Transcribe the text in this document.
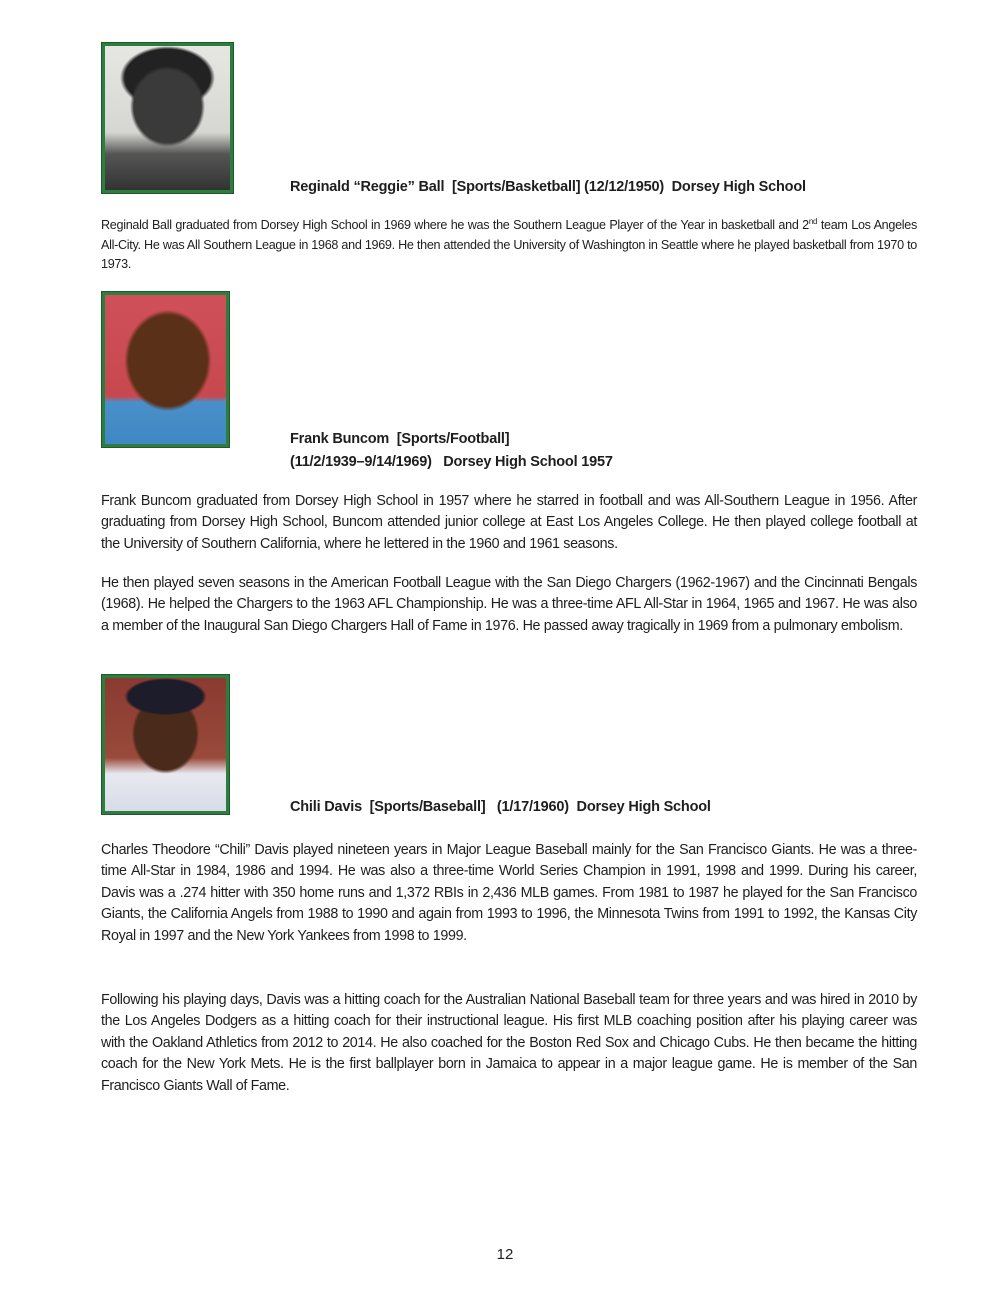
Reginald “Reggie” Ball  [Sports/Basketball] (12/12/1950)  Dorsey High School

Reginald Ball graduated from Dorsey High School in 1969 where he was the Southern League Player of the Year in basketball and 2nd team Los Angeles All-City. He was All Southern League in 1968 and 1969. He then attended the University of Washington in Seattle where he played basketball from 1970 to 1973.

Frank Buncom  [Sports/Football]
(11/2/1939–9/14/1969)   Dorsey High School 1957

Frank Buncom graduated from Dorsey High School in 1957 where he starred in football and was All-Southern League in 1956. After graduating from Dorsey High School, Buncom attended junior college at East Los Angeles College. He then played college football at the University of Southern California, where he lettered in the 1960 and 1961 seasons.

He then played seven seasons in the American Football League with the San Diego Chargers (1962-1967) and the Cincinnati Bengals (1968). He helped the Chargers to the 1963 AFL Championship. He was a three-time AFL All-Star in 1964, 1965 and 1967. He was also a member of the Inaugural San Diego Chargers Hall of Fame in 1976. He passed away tragically in 1969 from a pulmonary embolism.

Chili Davis  [Sports/Baseball]   (1/17/1960)  Dorsey High School

Charles Theodore “Chili” Davis played nineteen years in Major League Baseball mainly for the San Francisco Giants. He was a three-time All-Star in 1984, 1986 and 1994. He was also a three-time World Series Champion in 1991, 1998 and 1999. During his career, Davis was a .274 hitter with 350 home runs and 1,372 RBIs in 2,436 MLB games. From 1981 to 1987 he played for the San Francisco Giants, the California Angels from 1988 to 1990 and again from 1993 to 1996, the Minnesota Twins from 1991 to 1992, the Kansas City Royal in 1997 and the New York Yankees from 1998 to 1999.

Following his playing days, Davis was a hitting coach for the Australian National Baseball team for three years and was hired in 2010 by the Los Angeles Dodgers as a hitting coach for their instructional league. His first MLB coaching position after his playing career was with the Oakland Athletics from 2012 to 2014. He also coached for the Boston Red Sox and Chicago Cubs. He then became the hitting coach for the New York Mets. He is the first ballplayer born in Jamaica to appear in a major league game. He is member of the San Francisco Giants Wall of Fame.

12
